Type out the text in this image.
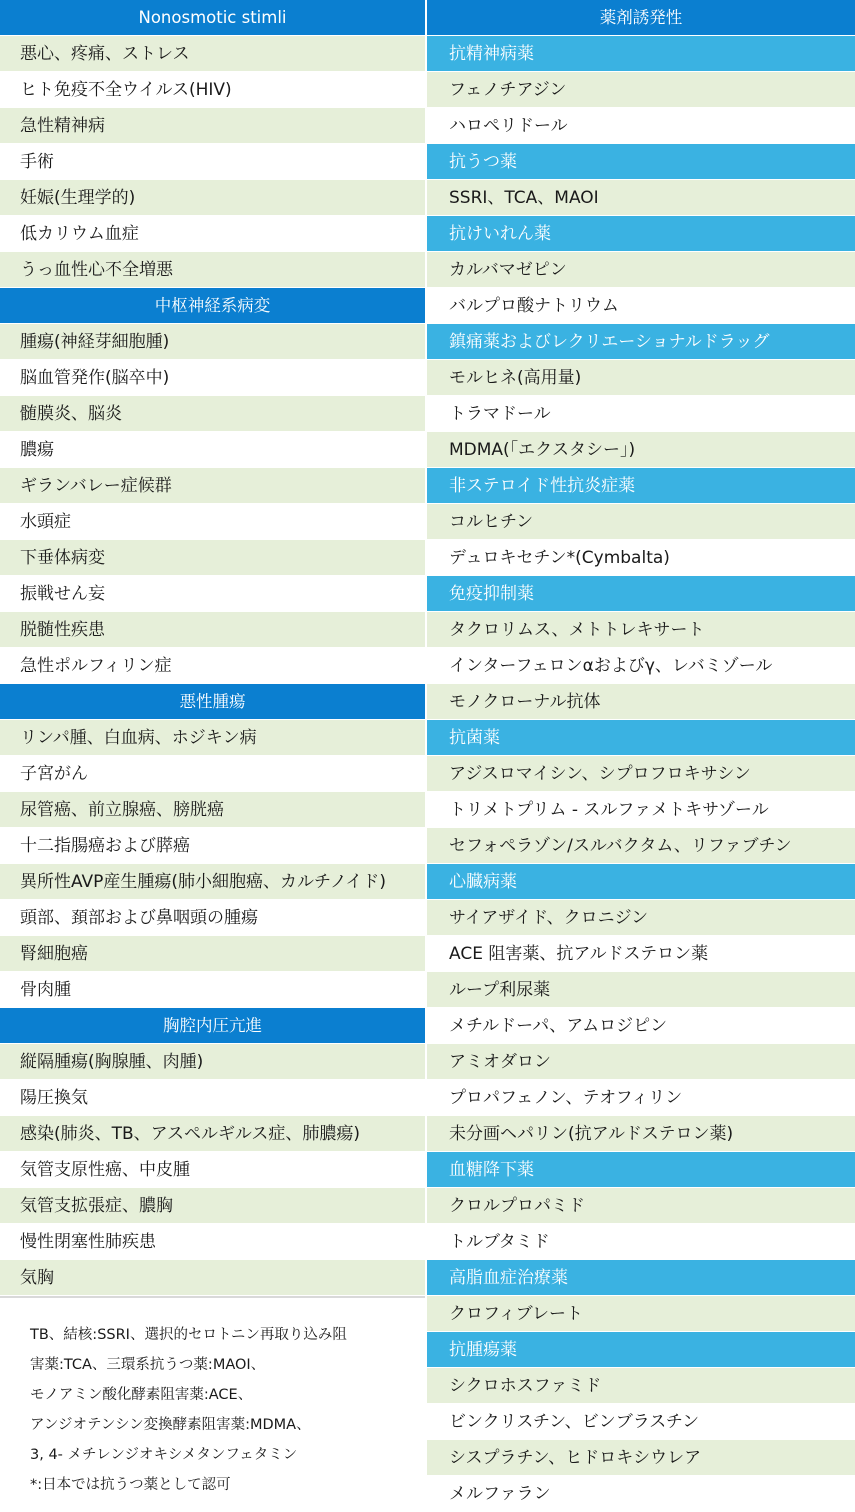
Nonosmotic stimli
悪心、疼痛、ストレス
ヒト免疫不全ウイルス(HIV)
急性精神病
手術
妊娠(生理学的)
低カリウム血症
うっ血性心不全増悪
中枢神経系病変
腫瘍(神経芽細胞腫)
脳血管発作(脳卒中)
髄膜炎、脳炎
膿瘍
ギランバレー症候群
水頭症
下垂体病変
振戦せん妄
脱髄性疾患
急性ポルフィリン症
悪性腫瘍
リンパ腫、白血病、ホジキン病
子宮がん
尿管癌、前立腺癌、膀胱癌
十二指腸癌および膵癌
異所性AVP産生腫瘍(肺小細胞癌、カルチノイド)
頭部、頚部および鼻咽頭の腫瘍
腎細胞癌
骨肉腫
胸腔内圧亢進
縦隔腫瘍(胸腺腫、肉腫)
陽圧換気
感染(肺炎、TB、アスペルギルス症、肺膿瘍)
気管支原性癌、中皮腫
気管支拡張症、膿胸
慢性閉塞性肺疾患
気胸
TB、結核:SSRI、選択的セロトニン再取り込み阻
害薬:TCA、三環系抗うつ薬:MAOI、
モノアミン酸化酵素阻害薬:ACE、
アンジオテンシン変換酵素阻害薬:MDMA、
3, 4- メチレンジオキシメタンフェタミン
*:日本では抗うつ薬として認可
薬剤誘発性
抗精神病薬
フェノチアジン
ハロペリドール
抗うつ薬
SSRI、TCA、MAOI
抗けいれん薬
カルバマゼピン
バルプロ酸ナトリウム
鎮痛薬およびレクリエーショナルドラッグ
モルヒネ(高用量)
トラマドール
MDMA(「エクスタシー」)
非ステロイド性抗炎症薬
コルヒチン
デュロキセチン*(Cymbalta)
免疫抑制薬
タクロリムス、メトトレキサート
インターフェロンαおよびγ、レバミゾール
モノクローナル抗体
抗菌薬
アジスロマイシン、シプロフロキサシン
トリメトプリム - スルファメトキサゾール
セフォペラゾン/スルバクタム、リファブチン
心臓病薬
サイアザイド、クロニジン
ACE 阻害薬、抗アルドステロン薬
ループ利尿薬
メチルドーパ、アムロジピン
アミオダロン
プロパフェノン、テオフィリン
未分画ヘパリン(抗アルドステロン薬)
血糖降下薬
クロルプロパミド
トルブタミド
高脂血症治療薬
クロフィブレート
抗腫瘍薬
シクロホスファミド
ビンクリスチン、ビンブラスチン
シスプラチン、ヒドロキシウレア
メルファラン
